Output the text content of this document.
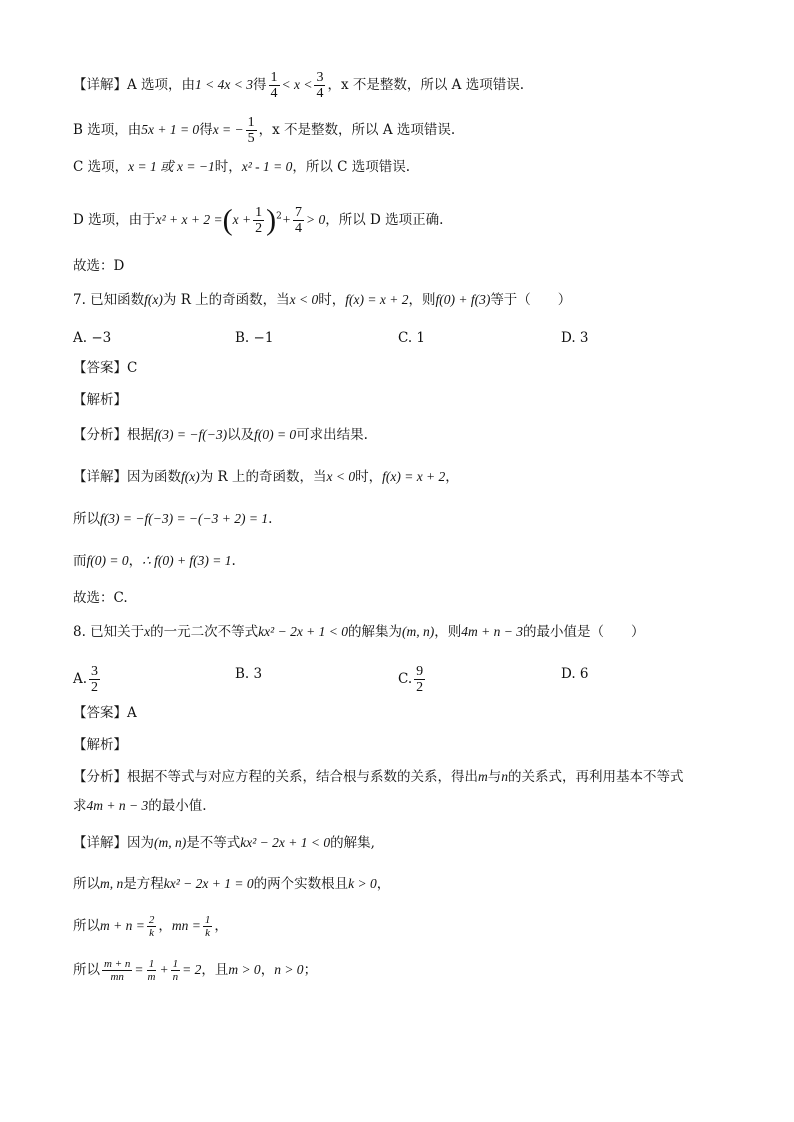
【详解】A 选项，由1 < 4x < 3得 $\frac{1}{4} < x < \frac{3}{4}$ ，x 不是整数，所以 A 选项错误.
B 选项，由5x + 1 = 0得x = − $\frac{1}{5}$ ，x 不是整数，所以 A 选项错误.
C 选项，x = 1 或 x = −1时，x² - 1 = 0，所以 C 选项错误.
D 选项，由于$x^2 + x + 2 =(x + \frac{1}{2} )^2+ \frac{7}{4} > 0$，所以 D 选项正确.
故选：D
7. 已知函数f(x)为 R 上的奇函数，当x < 0时，f(x) = x + 2，则f(0) + f(3)等于（　　）
A. −3	B. −1	C. 1	D. 3
【答案】C
【解析】
【分析】根据f(3) = −f(−3)以及f(0) = 0可求出结果.
【详解】因为函数f(x)为 R 上的奇函数，当x < 0时，f(x) = x + 2，
所以f(3) = −f(−3) = −(−3 + 2) = 1.
而f(0) = 0，∴ f(0) + f(3) = 1.
故选：C.
8. 已知关于x的一元二次不等式kx² − 2x + 1 < 0的解集为(m, n)，则4m + n − 3的最小值是（　　）
A. $\frac{3}{2}$	B. 3	C. $\frac{9}{2}$	D. 6
【答案】A
【解析】
【分析】根据不等式与对应方程的关系，结合根与系数的关系，得出m与n的关系式，再利用基本不等式
求4m + n − 3的最小值.
【详解】因为(m, n)是不等式kx² − 2x + 1 < 0的解集,
所以m, n是方程kx² − 2x + 1 = 0的两个实数根且k > 0，
所以$m + n = \frac{2}{k}$ ，mn = $\frac{1}{k}$ ，
所以 $\frac{m + n}{mn} = \frac{1}{m} + \frac{1}{n} = 2$，且m > 0，n > 0；
